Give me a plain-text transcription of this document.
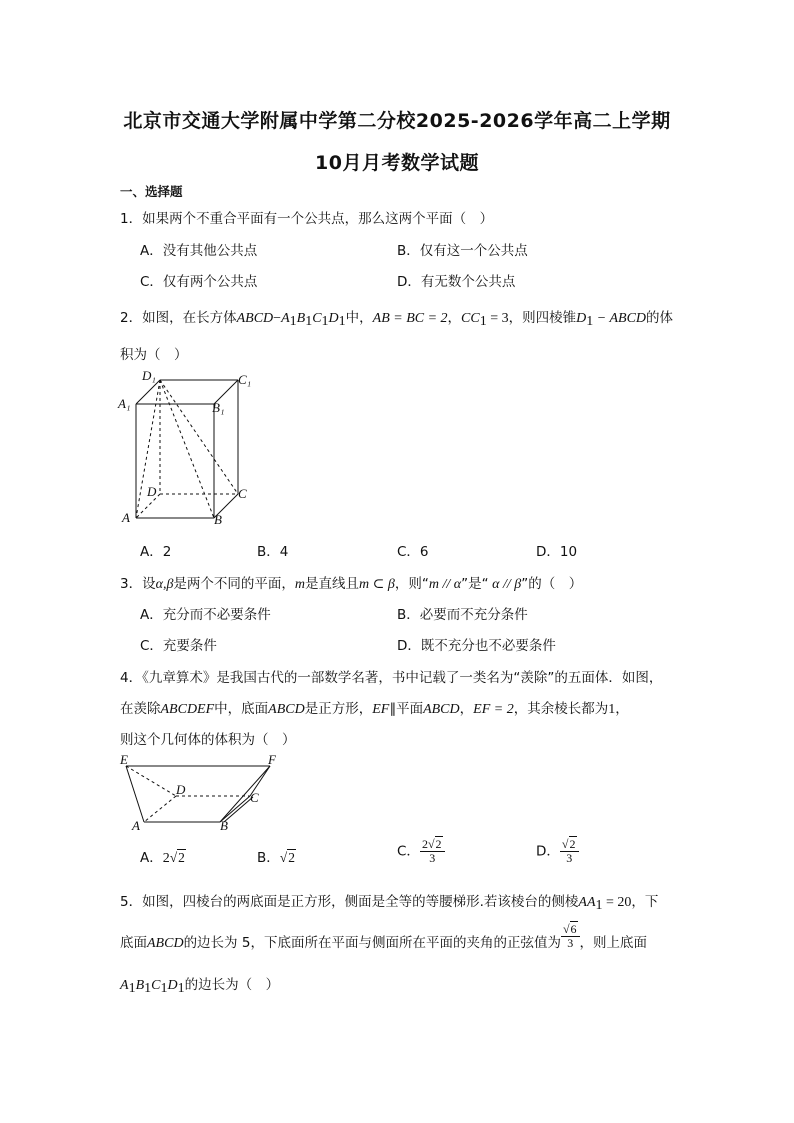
北京市交通大学附属中学第二分校2025-2026学年高二上学期
10月月考数学试题
一、选择题
1．如果两个不重合平面有一个公共点，那么这两个平面（　）
A．没有其他公共点	B．仅有这一个公共点
C．仅有两个公共点	D．有无数个公共点
2．如图，在长方体$ABCD-A_1B_1C_1D_1$中，AB = BC = 2，$CC_1 = 3$，则四棱锥$D_1$ − ABCD的体
积为（　）
D₁	C₁
A₁	B₁
D	C
A	B
A．2	B．4	C．6	D．10
3．设α,β是两个不同的平面，m是直线且m ⊂ β，则“m // α”是“ α // β”的（　）
A．充分而不必要条件	B．必要而不充分条件
C．充要条件	D．既不充分也不必要条件
4．《九章算术》是我国古代的一部数学名著，书中记载了一类名为“羡除”的五面体．如图，
在羡除ABCDEF中，底面ABCD是正方形，EF∥平面ABCD，EF = 2，其余棱长都为1，
则这个几何体的体积为（　）
E	F
D
C
A	B
A．2√2	B．√2	C． $\frac{2√2}{3}$	D． $\frac{√2}{3}$
5．如图，四棱台的两底面是正方形，侧面是全等的等腰梯形.若该棱台的侧棱$AA_1 = 20$，下
底面ABCD的边长为 5，下底面所在平面与侧面所在平面的夹角的正弦值为 $\frac{√6}{3}$ ，则上底面
$A_1B_1C_1D_1$的边长为（　）
